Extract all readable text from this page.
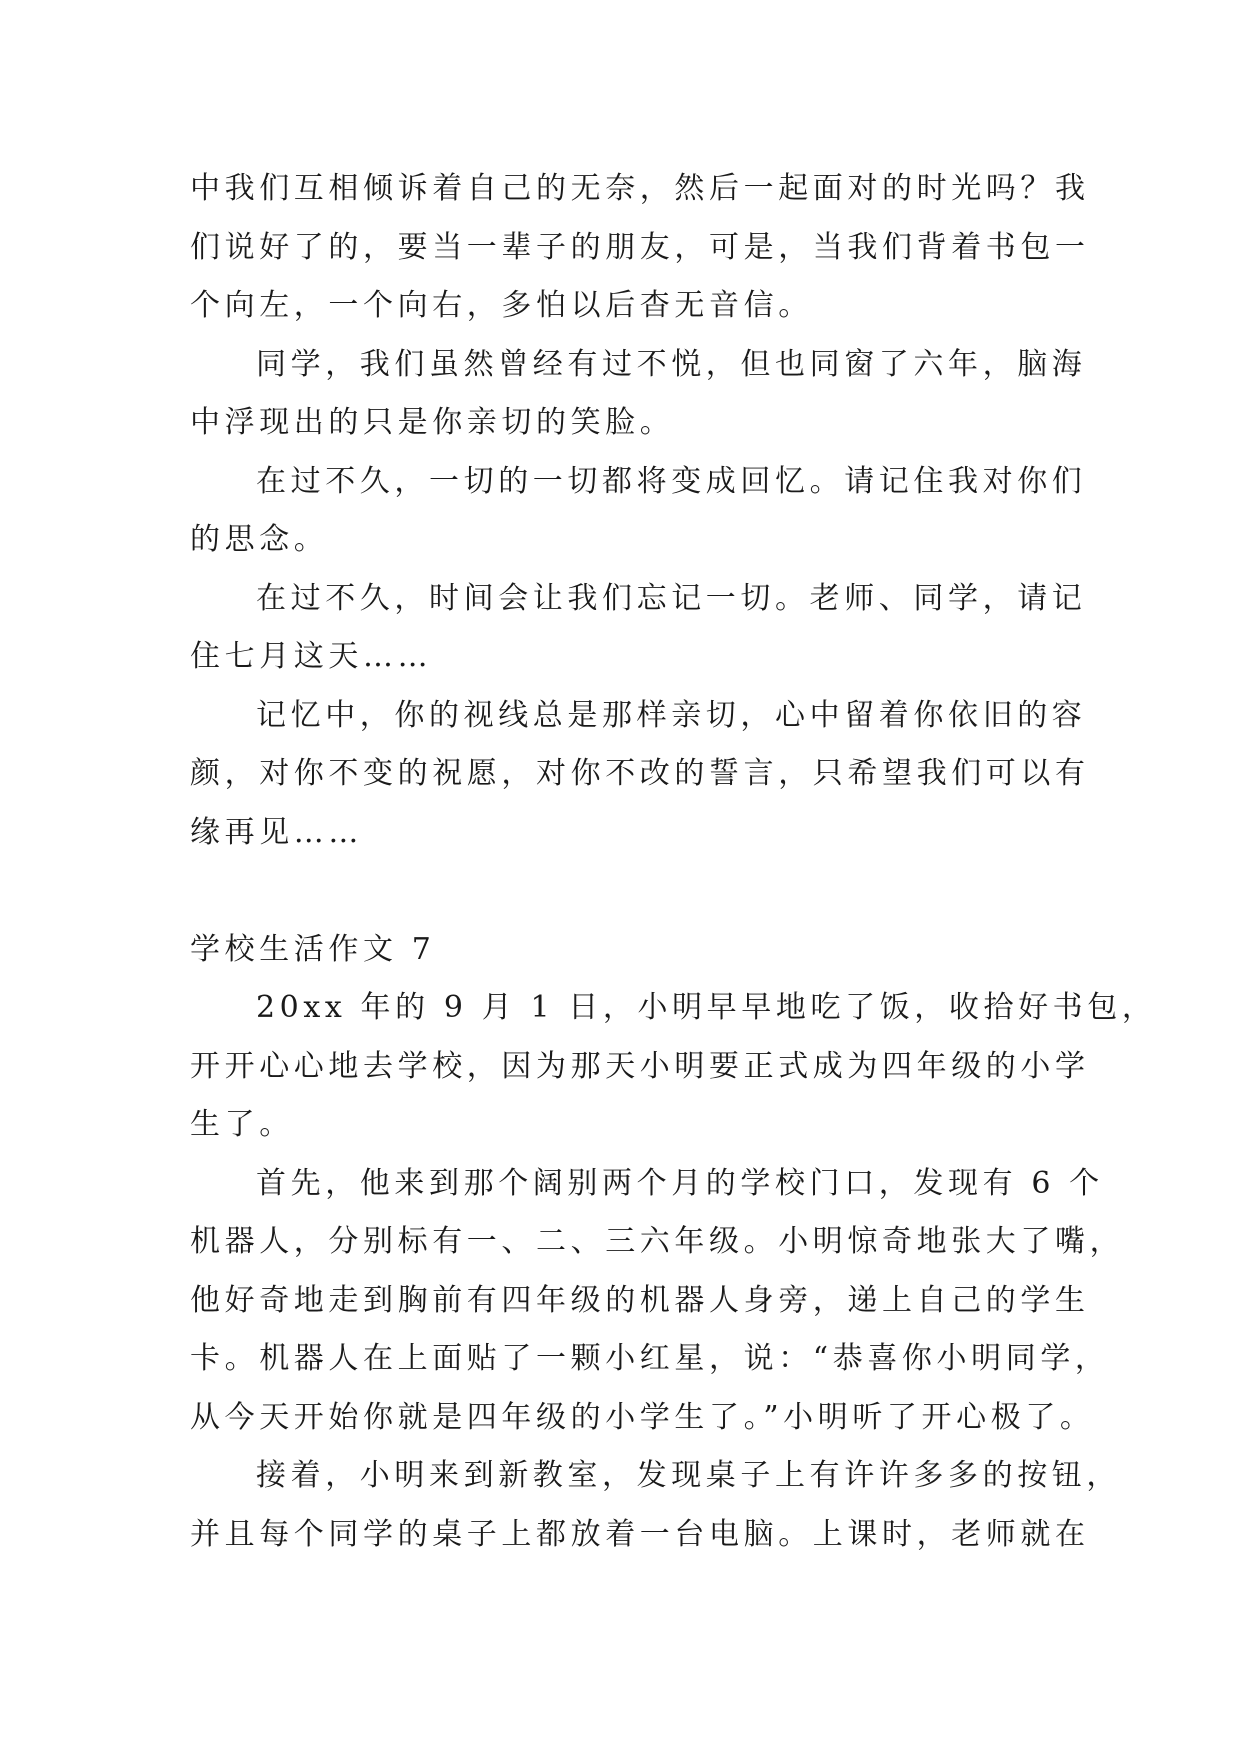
中我们互相倾诉着自己的无奈，然后一起面对的时光吗？我
们说好了的，要当一辈子的朋友，可是，当我们背着书包一
个向左，一个向右，多怕以后杳无音信。
同学，我们虽然曾经有过不悦，但也同窗了六年，脑海
中浮现出的只是你亲切的笑脸。
在过不久，一切的一切都将变成回忆。请记住我对你们
的思念。
在过不久，时间会让我们忘记一切。老师、同学，请记
住七月这天……
记忆中，你的视线总是那样亲切，心中留着你依旧的容
颜，对你不变的祝愿，对你不改的誓言，只希望我们可以有
缘再见……
学校生活作文 7
20xx 年的 9 月 1 日，小明早早地吃了饭，收拾好书包，
开开心心地去学校，因为那天小明要正式成为四年级的小学
生了。
首先，他来到那个阔别两个月的学校门口，发现有 6 个
机器人，分别标有一、二、三六年级。小明惊奇地张大了嘴，
他好奇地走到胸前有四年级的机器人身旁，递上自己的学生
卡。机器人在上面贴了一颗小红星，说：“恭喜你小明同学，
从今天开始你就是四年级的小学生了。”小明听了开心极了。
接着，小明来到新教室，发现桌子上有许许多多的按钮，
并且每个同学的桌子上都放着一台电脑。上课时，老师就在
